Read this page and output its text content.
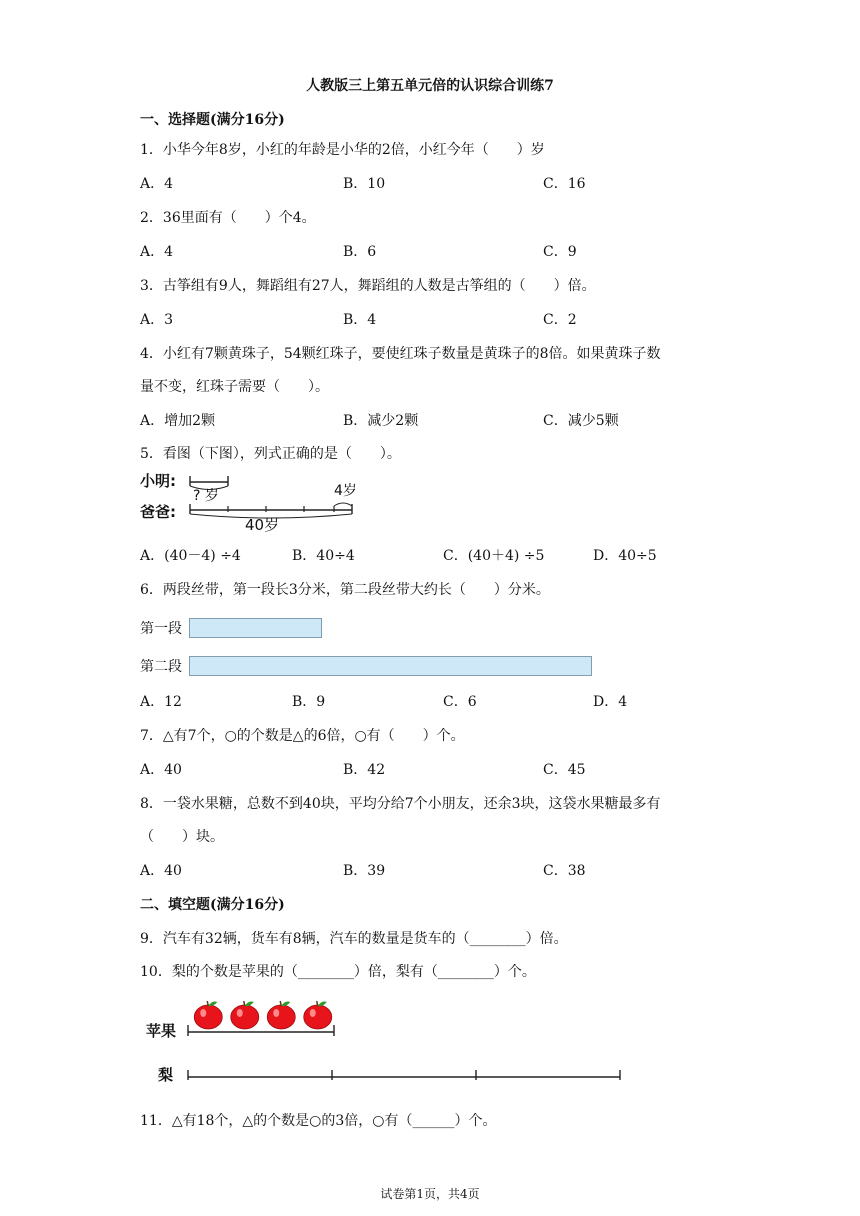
人教版三上第五单元倍的认识综合训练7
一、选择题(满分16分)
1．小华今年8岁，小红的年龄是小华的2倍，小红今年（　　）岁
A．4	B．10	C．16
2．36里面有（　　）个4。
A．4	B．6	C．9
3．古筝组有9人，舞蹈组有27人，舞蹈组的人数是古筝组的（　　）倍。
A．3	B．4	C．2
4．小红有7颗黄珠子，54颗红珠子，要使红珠子数量是黄珠子的8倍。如果黄珠子数
量不变，红珠子需要（　　）。
A．增加2颗	B．减少2颗	C．减少5颗
5．看图（下图），列式正确的是（　　）。
小明:
爸爸:
? 岁	4岁
40岁
A．(40－4) ÷4	B．40÷4	C．(40＋4) ÷5	D．40÷5
6．两段丝带，第一段长3分米，第二段丝带大约长（　　）分米。
第一段
第二段
A．12	B．9	C．6	D．4
7．△有7个，○的个数是△的6倍，○有（　　）个。
A．40	B．42	C．45
8．一袋水果糖，总数不到40块，平均分给7个小朋友，还余3块，这袋水果糖最多有
（　　）块。
A．40	B．39	C．38
二、填空题(满分16分)
9．汽车有32辆，货车有8辆，汽车的数量是货车的（________）倍。
10．梨的个数是苹果的（________）倍，梨有（________）个。
苹果
梨
11．△有18个，△的个数是○的3倍，○有（______）个。
试卷第1页，共4页
